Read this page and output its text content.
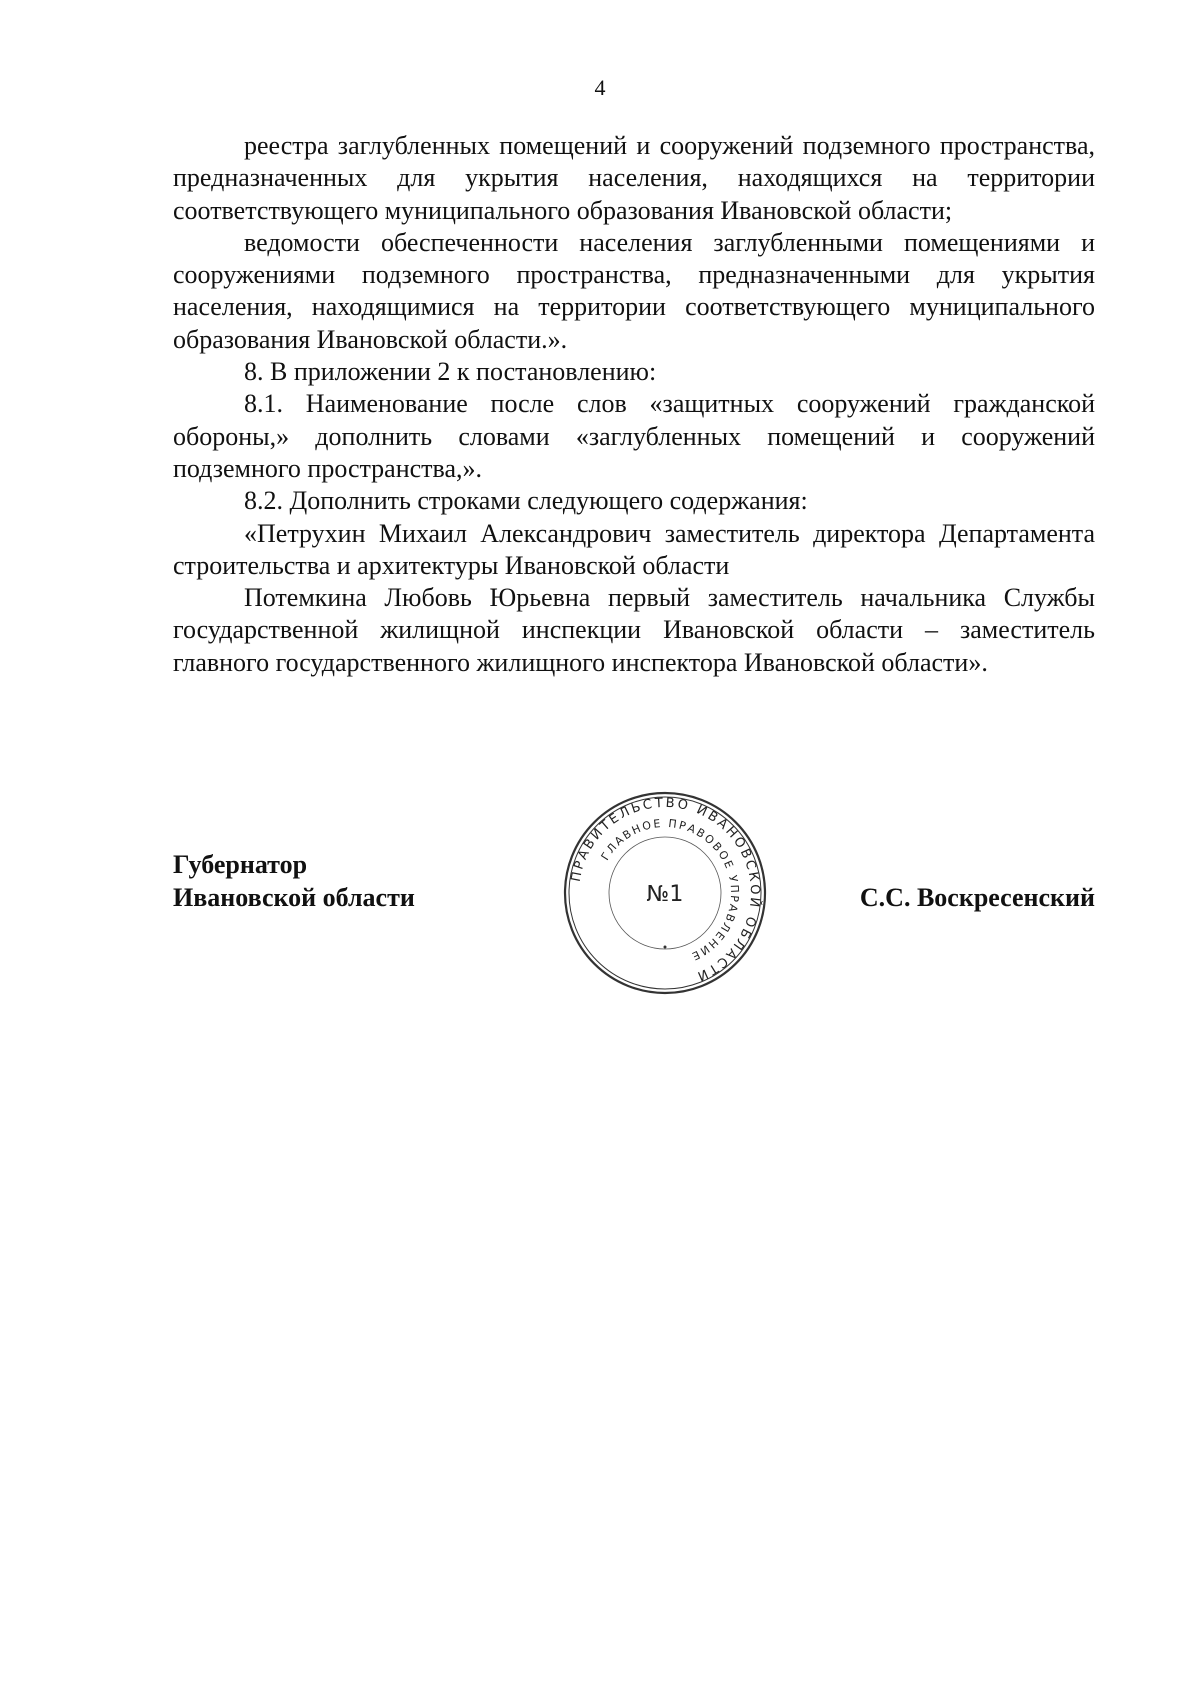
4

реестра заглубленных помещений и сооружений подземного пространства, предназначенных для укрытия населения, находящихся на территории соответствующего муниципального образования Ивановской области;

ведомости обеспеченности населения заглубленными помещениями и сооружениями подземного пространства, предназначенными для укрытия населения, находящимися на территории соответствующего муниципального образования Ивановской области.».

8. В приложении 2 к постановлению:

8.1. Наименование после слов «защитных сооружений гражданской обороны,» дополнить словами «заглубленных помещений и сооружений подземного пространства,».

8.2. Дополнить строками следующего содержания:

«Петрухин Михаил Александрович заместитель директора Департамента строительства и архитектуры Ивановской области

Потемкина Любовь Юрьевна первый заместитель начальника Службы государственной жилищной инспекции Ивановской области – заместитель главного государственного жилищного инспектора Ивановской области».

Губернатор
Ивановской области
ПРАВИТЕЛЬСТВО ИВАНОВСКОЙ ОБЛАСТИ
ГЛАВНОЕ ПРАВОВОЕ УПРАВЛЕНИЕ
№1	С.С. Воскресенский
